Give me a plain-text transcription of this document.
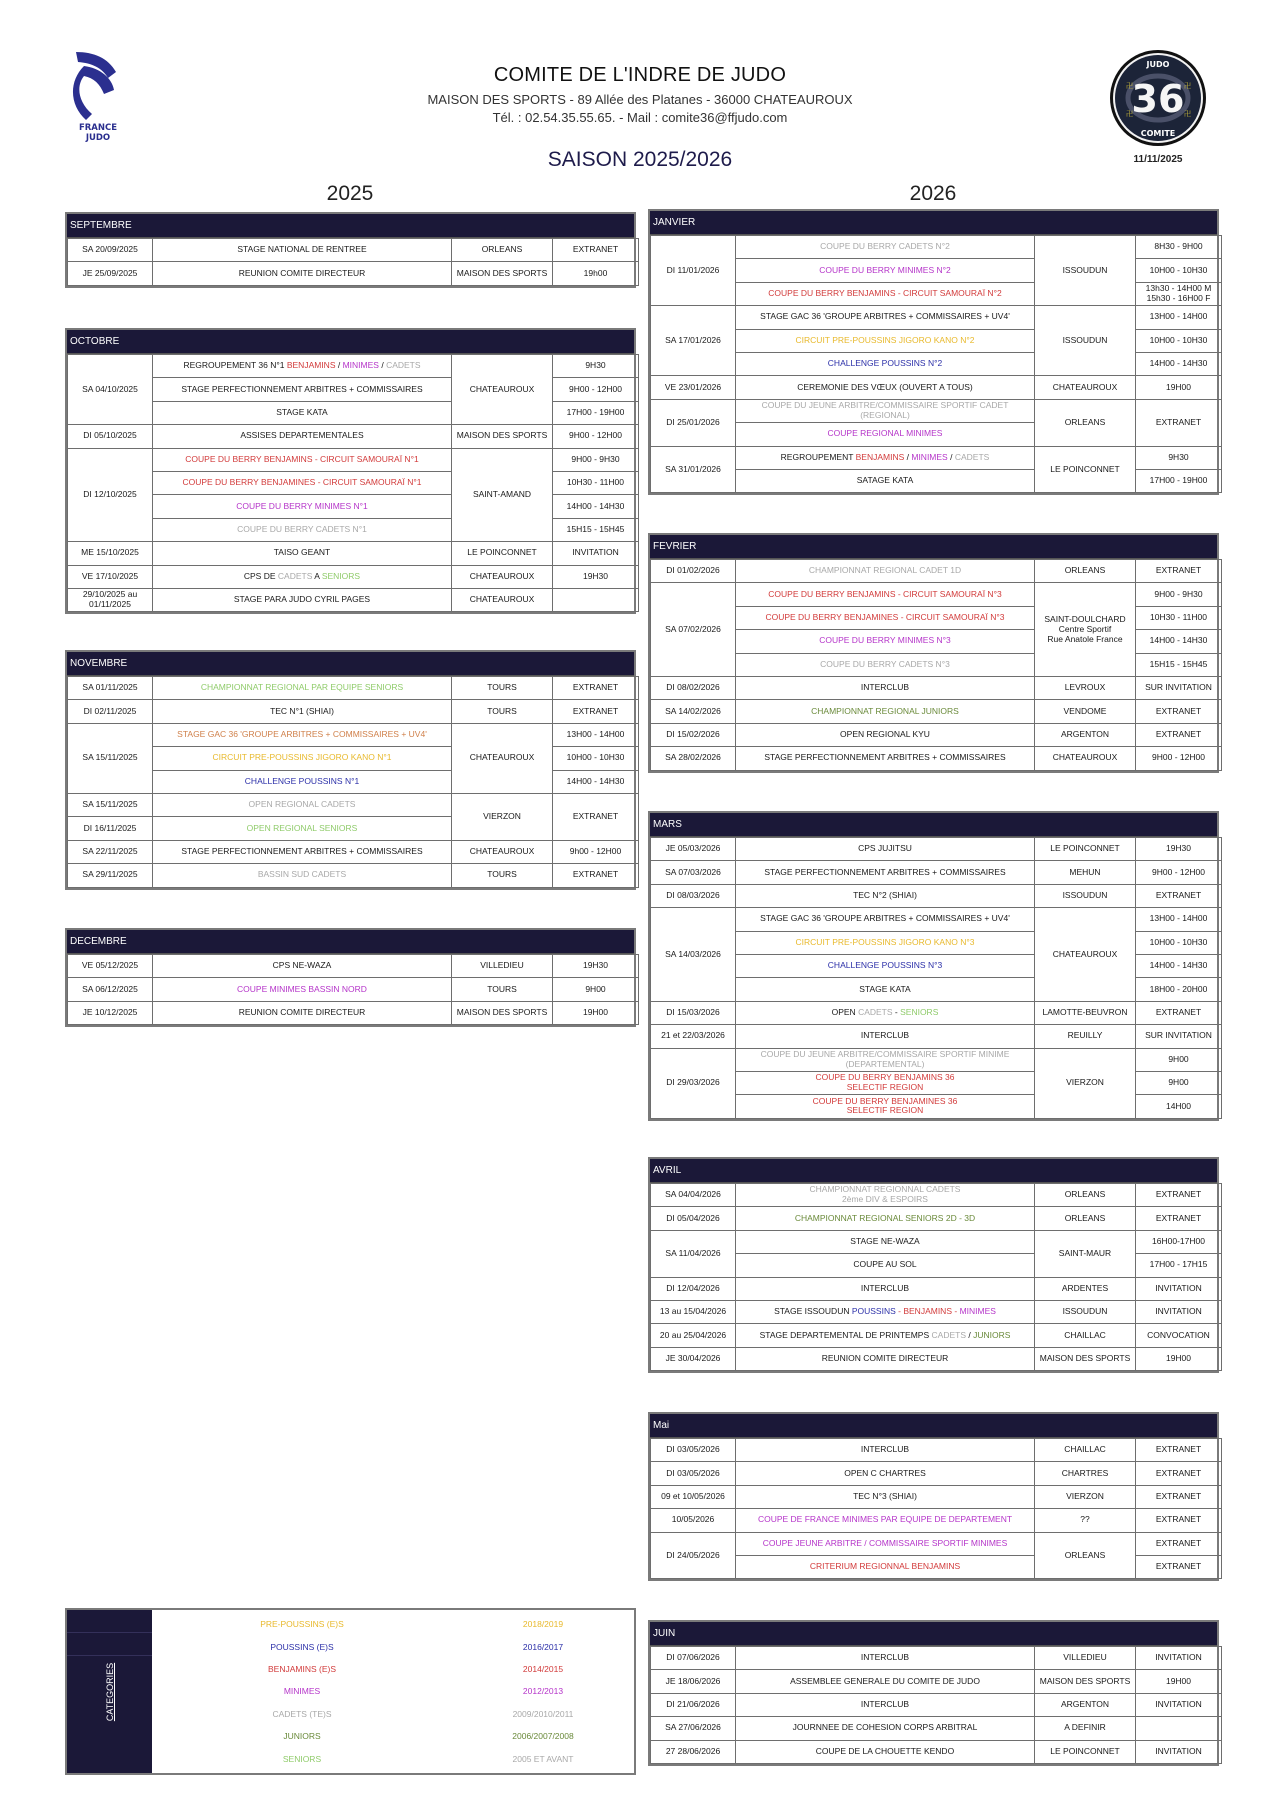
FRANCE
JUDO
COMITE DE L'INDRE DE JUDO
MAISON DES SPORTS - 89 Allée des Platanes - 36000 CHATEAUROUX
Tél. : 02.54.35.55.65. - Mail : comite36@ffjudo.com
SAISON 2025/2026
JUDO
36
COMITE
卍	卍
卍	卍
11/11/2025
2025	2026
SEPTEMBRE
SA 20/09/2025	STAGE NATIONAL DE RENTREE	ORLEANS	EXTRANET
JE 25/09/2025	REUNION COMITE DIRECTEUR	MAISON DES SPORTS	19h00
OCTOBRE
SA 04/10/2025	REGROUPEMENT 36 N°1 BENJAMINS / MINIMES / CADETS	CHATEAUROUX	9H30
	STAGE PERFECTIONNEMENT ARBITRES + COMMISSAIRES		9H00 - 12H00
	STAGE KATA		17H00 - 19H00
DI 05/10/2025	ASSISES DEPARTEMENTALES	MAISON DES SPORTS	9H00 - 12H00
DI 12/10/2025	COUPE DU BERRY BENJAMINS - CIRCUIT SAMOURAÏ N°1	SAINT-AMAND	9H00 - 9H30
	COUPE DU BERRY BENJAMINES - CIRCUIT SAMOURAÏ N°1		10H30 - 11H00
	COUPE DU BERRY MINIMES N°1		14H00 - 14H30
	COUPE DU BERRY CADETS N°1		15H15 - 15H45
ME 15/10/2025	TAISO GEANT	LE POINCONNET	INVITATION
VE 17/10/2025	CPS DE CADETS A SENIORS	CHATEAUROUX	19H30
29/10/2025 au 01/11/2025	STAGE PARA JUDO CYRIL PAGES	CHATEAUROUX	
NOVEMBRE
SA 01/11/2025	CHAMPIONNAT REGIONAL PAR EQUIPE SENIORS	TOURS	EXTRANET
DI 02/11/2025	TEC N°1 (SHIAI)	TOURS	EXTRANET
SA 15/11/2025	STAGE GAC 36 'GROUPE ARBITRES + COMMISSAIRES + UV4'	CHATEAUROUX	13H00 - 14H00
	CIRCUIT PRE-POUSSINS JIGORO KANO N°1		10H00 - 10H30
	CHALLENGE POUSSINS N°1		14H00 - 14H30
SA 15/11/2025	OPEN REGIONAL CADETS	VIERZON	EXTRANET
DI 16/11/2025	OPEN REGIONAL SENIORS		
SA 22/11/2025	STAGE PERFECTIONNEMENT ARBITRES + COMMISSAIRES	CHATEAUROUX	9h00 - 12H00
SA 29/11/2025	BASSIN SUD CADETS	TOURS	EXTRANET
DECEMBRE
VE 05/12/2025	CPS NE-WAZA	VILLEDIEU	19H30
SA 06/12/2025	COUPE MINIMES BASSIN NORD	TOURS	9H00
JE 10/12/2025	REUNION COMITE DIRECTEUR	MAISON DES SPORTS	19H00
JANVIER
DI 11/01/2026	COUPE DU BERRY CADETS N°2	ISSOUDUN	8H30 - 9H00
	COUPE DU BERRY MINIMES N°2		10H00 - 10H30
	COUPE DU BERRY BENJAMINS - CIRCUIT SAMOURAÏ N°2		13h30 - 14H00 M
15h30 - 16H00 F
SA 17/01/2026	STAGE GAC 36 'GROUPE ARBITRES + COMMISSAIRES + UV4'	ISSOUDUN	13H00 - 14H00
	CIRCUIT PRE-POUSSINS JIGORO KANO N°2		10H00 - 10H30
	CHALLENGE POUSSINS N°2		14H00 - 14H30
VE 23/01/2026	CEREMONIE DES VŒUX (OUVERT A TOUS)	CHATEAUROUX	19H00
DI 25/01/2026	COUPE DU JEUNE ARBITRE/COMMISSAIRE SPORTIF CADET (REGIONAL)	ORLEANS	EXTRANET
	COUPE REGIONAL MINIMES		
SA 31/01/2026	REGROUPEMENT BENJAMINS / MINIMES / CADETS	LE POINCONNET	9H30
	SATAGE KATA		17H00 - 19H00
FEVRIER
DI 01/02/2026	CHAMPIONNAT REGIONAL CADET 1D	ORLEANS	EXTRANET
SA 07/02/2026	COUPE DU BERRY BENJAMINS - CIRCUIT SAMOURAÏ N°3	SAINT-DOULCHARD
Centre Sportif
Rue Anatole France	9H00 - 9H30
	COUPE DU BERRY BENJAMINES - CIRCUIT SAMOURAÏ N°3		10H30 - 11H00
	COUPE DU BERRY MINIMES N°3		14H00 - 14H30
	COUPE DU BERRY CADETS N°3		15H15 - 15H45
DI 08/02/2026	INTERCLUB	LEVROUX	SUR INVITATION
SA 14/02/2026	CHAMPIONNAT REGIONAL JUNIORS	VENDOME	EXTRANET
DI 15/02/2026	OPEN REGIONAL KYU	ARGENTON	EXTRANET
SA 28/02/2026	STAGE PERFECTIONNEMENT ARBITRES + COMMISSAIRES	CHATEAUROUX	9H00 - 12H00
MARS
JE 05/03/2026	CPS JUJITSU	LE POINCONNET	19H30
SA 07/03/2026	STAGE PERFECTIONNEMENT ARBITRES + COMMISSAIRES	MEHUN	9H00 - 12H00
DI 08/03/2026	TEC N°2 (SHIAI)	ISSOUDUN	EXTRANET
SA 14/03/2026	STAGE GAC 36 'GROUPE ARBITRES + COMMISSAIRES + UV4'	CHATEAUROUX	13H00 - 14H00
	CIRCUIT PRE-POUSSINS JIGORO KANO N°3		10H00 - 10H30
	CHALLENGE POUSSINS N°3		14H00 - 14H30
	STAGE KATA		18H00 - 20H00
DI 15/03/2026	OPEN CADETS - SENIORS	LAMOTTE-BEUVRON	EXTRANET
21 et 22/03/2026	INTERCLUB	REUILLY	SUR INVITATION
DI 29/03/2026	COUPE DU JEUNE ARBITRE/COMMISSAIRE SPORTIF MINIME
(DEPARTEMENTAL)	VIERZON	9H00
	COUPE DU BERRY BENJAMINS 36
SELECTIF REGION		9H00
	COUPE DU BERRY BENJAMINES 36
SELECTIF REGION		14H00
AVRIL
SA 04/04/2026	CHAMPIONNAT REGIONNAL CADETS
2ème DIV & ESPOIRS	ORLEANS	EXTRANET
DI 05/04/2026	CHAMPIONNAT REGIONAL SENIORS 2D - 3D	ORLEANS	EXTRANET
SA 11/04/2026	STAGE NE-WAZA	SAINT-MAUR	16H00-17H00
	COUPE AU SOL		17H00 - 17H15
DI 12/04/2026	INTERCLUB	ARDENTES	INVITATION
13 au 15/04/2026	STAGE ISSOUDUN POUSSINS - BENJAMINS - MINIMES	ISSOUDUN	INVITATION
20 au 25/04/2026	STAGE DEPARTEMENTAL DE PRINTEMPS CADETS / JUNIORS	CHAILLAC	CONVOCATION
JE 30/04/2026	REUNION COMITE DIRECTEUR	MAISON DES SPORTS	19H00
Mai
DI 03/05/2026	INTERCLUB	CHAILLAC	EXTRANET
DI 03/05/2026	OPEN C CHARTRES	CHARTRES	EXTRANET
09 et 10/05/2026	TEC N°3 (SHIAI)	VIERZON	EXTRANET
10/05/2026	COUPE DE FRANCE MINIMES PAR EQUIPE DE DEPARTEMENT	??	EXTRANET
DI 24/05/2026	COUPE JEUNE ARBITRE / COMMISSAIRE SPORTIF MINIMES	ORLEANS	EXTRANET
	CRITERIUM REGIONNAL BENJAMINS		EXTRANET
JUIN
DI 07/06/2026	INTERCLUB	VILLEDIEU	INVITATION
JE 18/06/2026	ASSEMBLEE GENERALE DU COMITE DE JUDO	MAISON DES SPORTS	19H00
DI 21/06/2026	INTERCLUB	ARGENTON	INVITATION
SA 27/06/2026	JOURNNEE DE COHESION CORPS ARBITRAL	A DEFINIR	
27 28/06/2026	COUPE DE LA CHOUETTE KENDO	LE POINCONNET	INVITATION
CATEGORIES
PRE-POUSSINS (E)S	2018/2019
POUSSINS (E)S	2016/2017
BENJAMINS (E)S	2014/2015
MINIMES	2012/2013
CADETS (TE)S	2009/2010/2011
JUNIORS	2006/2007/2008
SENIORS	2005 ET AVANT
